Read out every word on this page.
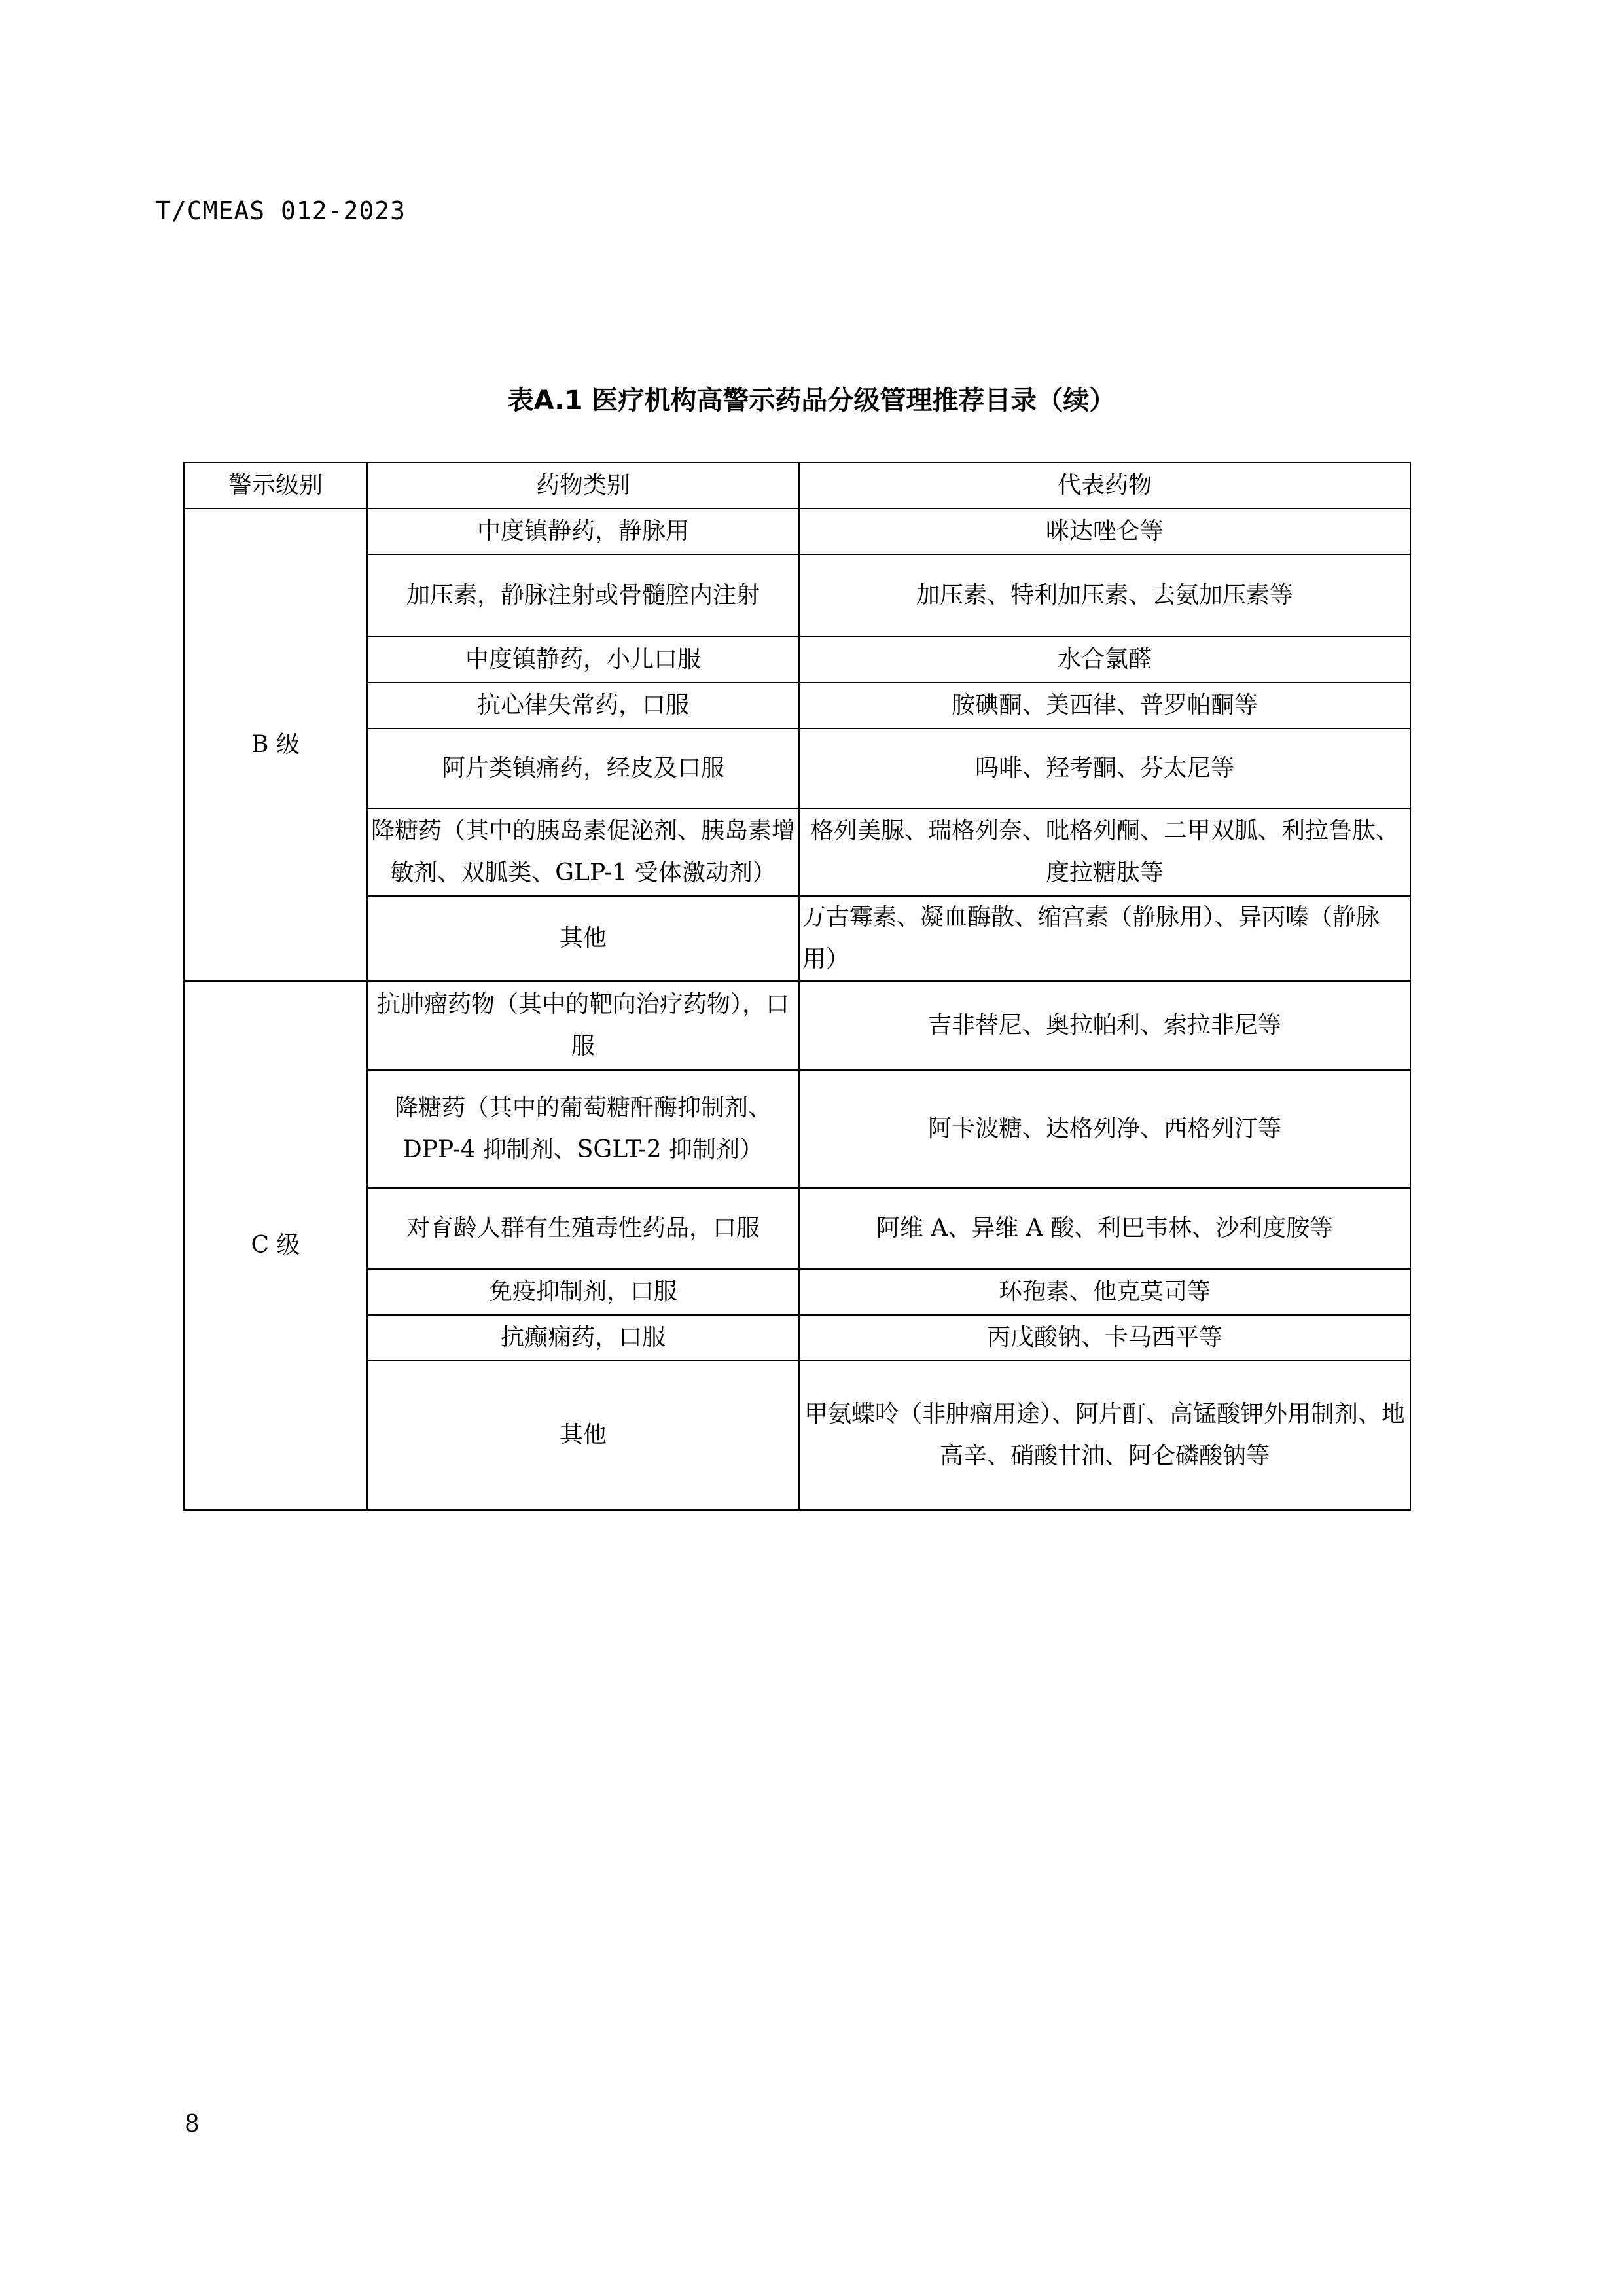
T/CMEAS 012-2023
表A.1 医疗机构高警示药品分级管理推荐目录（续）
警示级别	药物类别	代表药物
B 级	中度镇静药，静脉用	咪达唑仑等
	加压素，静脉注射或骨髓腔内注射	加压素、特利加压素、去氨加压素等
	中度镇静药，小儿口服	水合氯醛
	抗心律失常药，口服	胺碘酮、美西律、普罗帕酮等
	阿片类镇痛药，经皮及口服	吗啡、羟考酮、芬太尼等
	降糖药（其中的胰岛素促泌剂、胰岛素增敏剂、双胍类、GLP-1 受体激动剂）	格列美脲、瑞格列奈、吡格列酮、二甲双胍、利拉鲁肽、度拉糖肽等
	其他	万古霉素、凝血酶散、缩宫素（静脉用）、异丙嗪（静脉用）
C 级	抗肿瘤药物（其中的靶向治疗药物），口服	吉非替尼、奥拉帕利、索拉非尼等
	降糖药（其中的葡萄糖酐酶抑制剂、DPP-4 抑制剂、SGLT-2 抑制剂）	阿卡波糖、达格列净、西格列汀等
	对育龄人群有生殖毒性药品，口服	阿维 A、异维 A 酸、利巴韦林、沙利度胺等
	免疫抑制剂，口服	环孢素、他克莫司等
	抗癫痫药，口服	丙戊酸钠、卡马西平等
	其他	甲氨蝶呤（非肿瘤用途）、阿片酊、高锰酸钾外用制剂、地高辛、硝酸甘油、阿仑磷酸钠等
8
